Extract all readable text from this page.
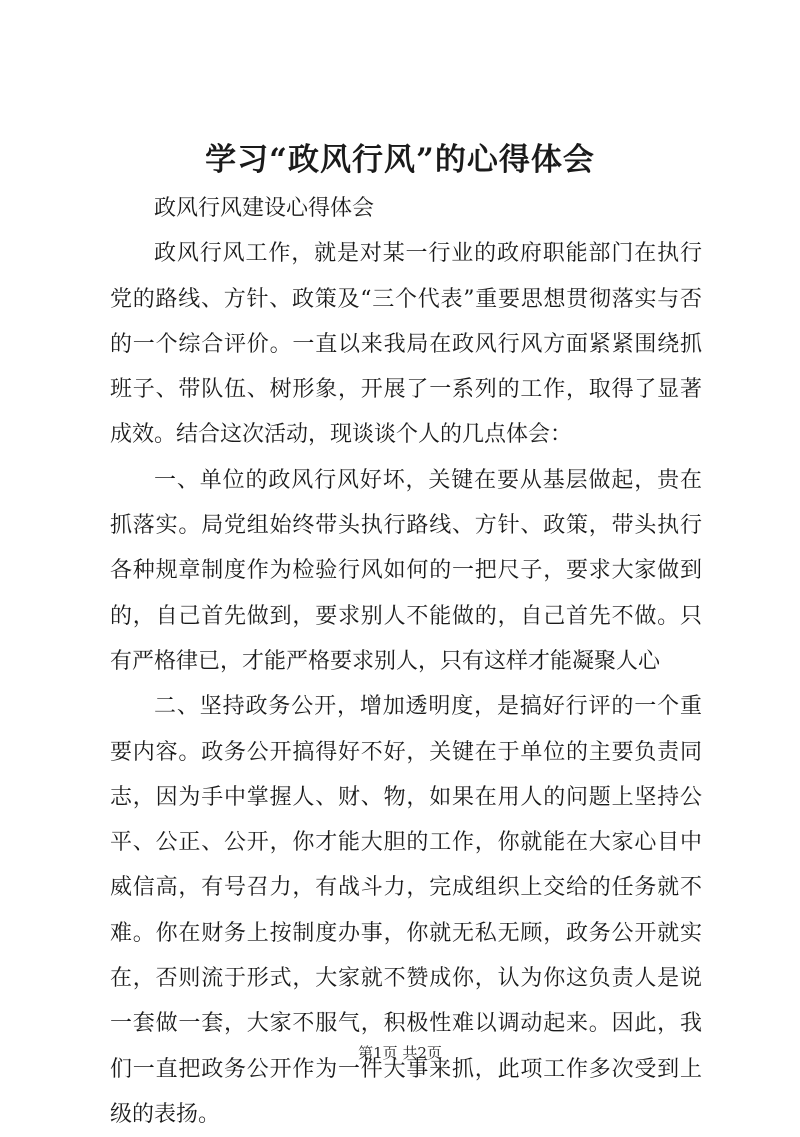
学习“政风行风”的心得体会

政风行风建设心得体会

政风行风工作，就是对某一行业的政府职能部门在执行党的路线、方针、政策及“三个代表”重要思想贯彻落实与否的一个综合评价。一直以来我局在政风行风方面紧紧围绕抓班子、带队伍、树形象，开展了一系列的工作，取得了显著成效。结合这次活动，现谈谈个人的几点体会：

一、单位的政风行风好坏，关键在要从基层做起，贵在抓落实。局党组始终带头执行路线、方针、政策，带头执行各种规章制度作为检验行风如何的一把尺子，要求大家做到的，自己首先做到，要求别人不能做的，自己首先不做。只有严格律已，才能严格要求别人，只有这样才能凝聚人心

二、坚持政务公开，增加透明度，是搞好行评的一个重要内容。政务公开搞得好不好，关键在于单位的主要负责同志，因为手中掌握人、财、物，如果在用人的问题上坚持公平、公正、公开，你才能大胆的工作，你就能在大家心目中威信高，有号召力，有战斗力，完成组织上交给的任务就不难。你在财务上按制度办事，你就无私无顾，政务公开就实在，否则流于形式，大家就不赞成你，认为你这负责人是说一套做一套，大家不服气，积极性难以调动起来。因此，我们一直把政务公开作为一件大事来抓，此项工作多次受到上级的表扬。

第1页 共2页
